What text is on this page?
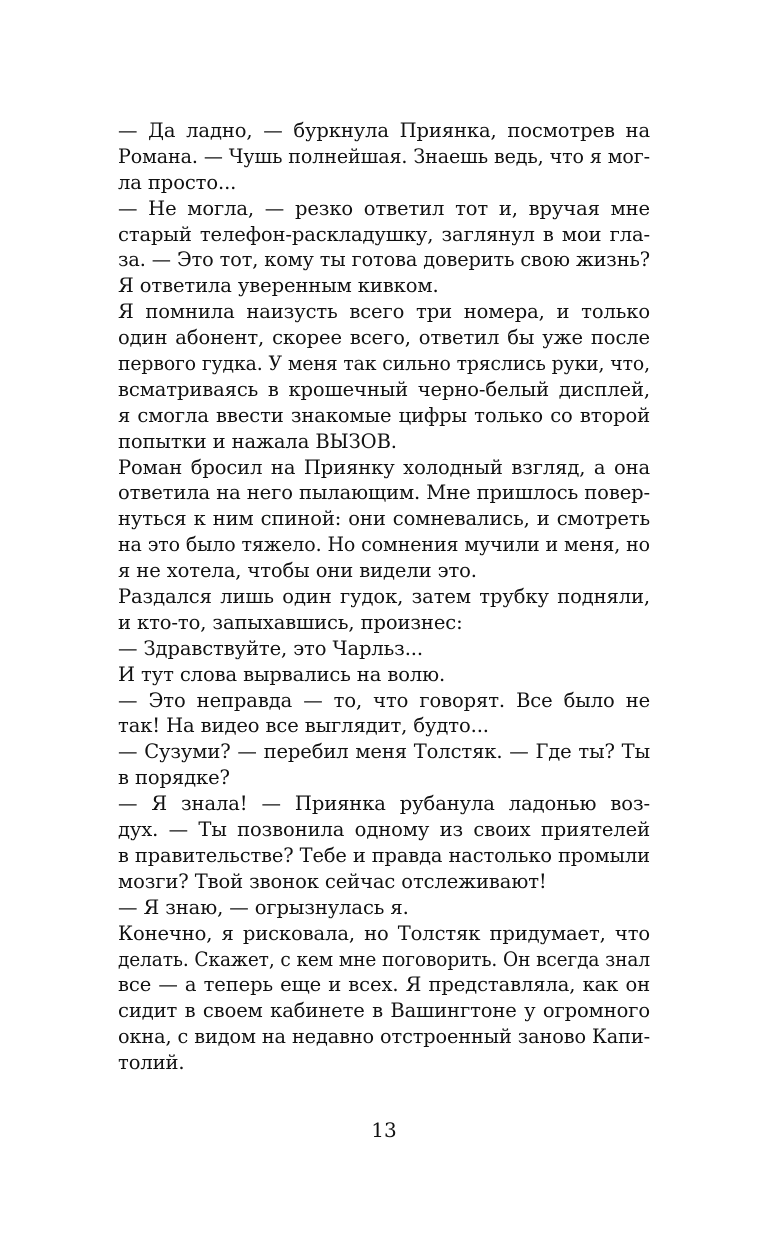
— Да ладно, — буркнула Приянка, посмотрев на
Романа. — Чушь полнейшая. Знаешь ведь, что я мог-
ла просто...
— Не могла, — резко ответил тот и, вручая мне
старый телефон-раскладушку, заглянул в мои гла-
за. — Это тот, кому ты готова доверить свою жизнь?
Я ответила уверенным кивком.
Я помнила наизусть всего три номера, и только
один абонент, скорее всего, ответил бы уже после
первого гудка. У меня так сильно тряслись руки, что,
всматриваясь в крошечный черно-белый дисплей,
я смогла ввести знакомые цифры только со второй
попытки и нажала ВЫЗОВ.
Роман бросил на Приянку холодный взгляд, а она
ответила на него пылающим. Мне пришлось повер-
нуться к ним спиной: они сомневались, и смотреть
на это было тяжело. Но сомнения мучили и меня, но
я не хотела, чтобы они видели это.
Раздался лишь один гудок, затем трубку подняли,
и кто-то, запыхавшись, произнес:
— Здравствуйте, это Чарльз...
И тут слова вырвались на волю.
— Это неправда — то, что говорят. Все было не
так! На видео все выглядит, будто...
— Сузуми? — перебил меня Толстяк. — Где ты? Ты
в порядке?
— Я знала! — Приянка рубанула ладонью воз-
дух. — Ты позвонила одному из своих приятелей
в правительстве? Тебе и правда настолько промыли
мозги? Твой звонок сейчас отслеживают!
— Я знаю, — огрызнулась я.
Конечно, я рисковала, но Толстяк придумает, что
делать. Скажет, с кем мне поговорить. Он всегда знал
все — а теперь еще и всех. Я представляла, как он
сидит в своем кабинете в Вашингтоне у огромного
окна, с видом на недавно отстроенный заново Капи-
толий.
13
